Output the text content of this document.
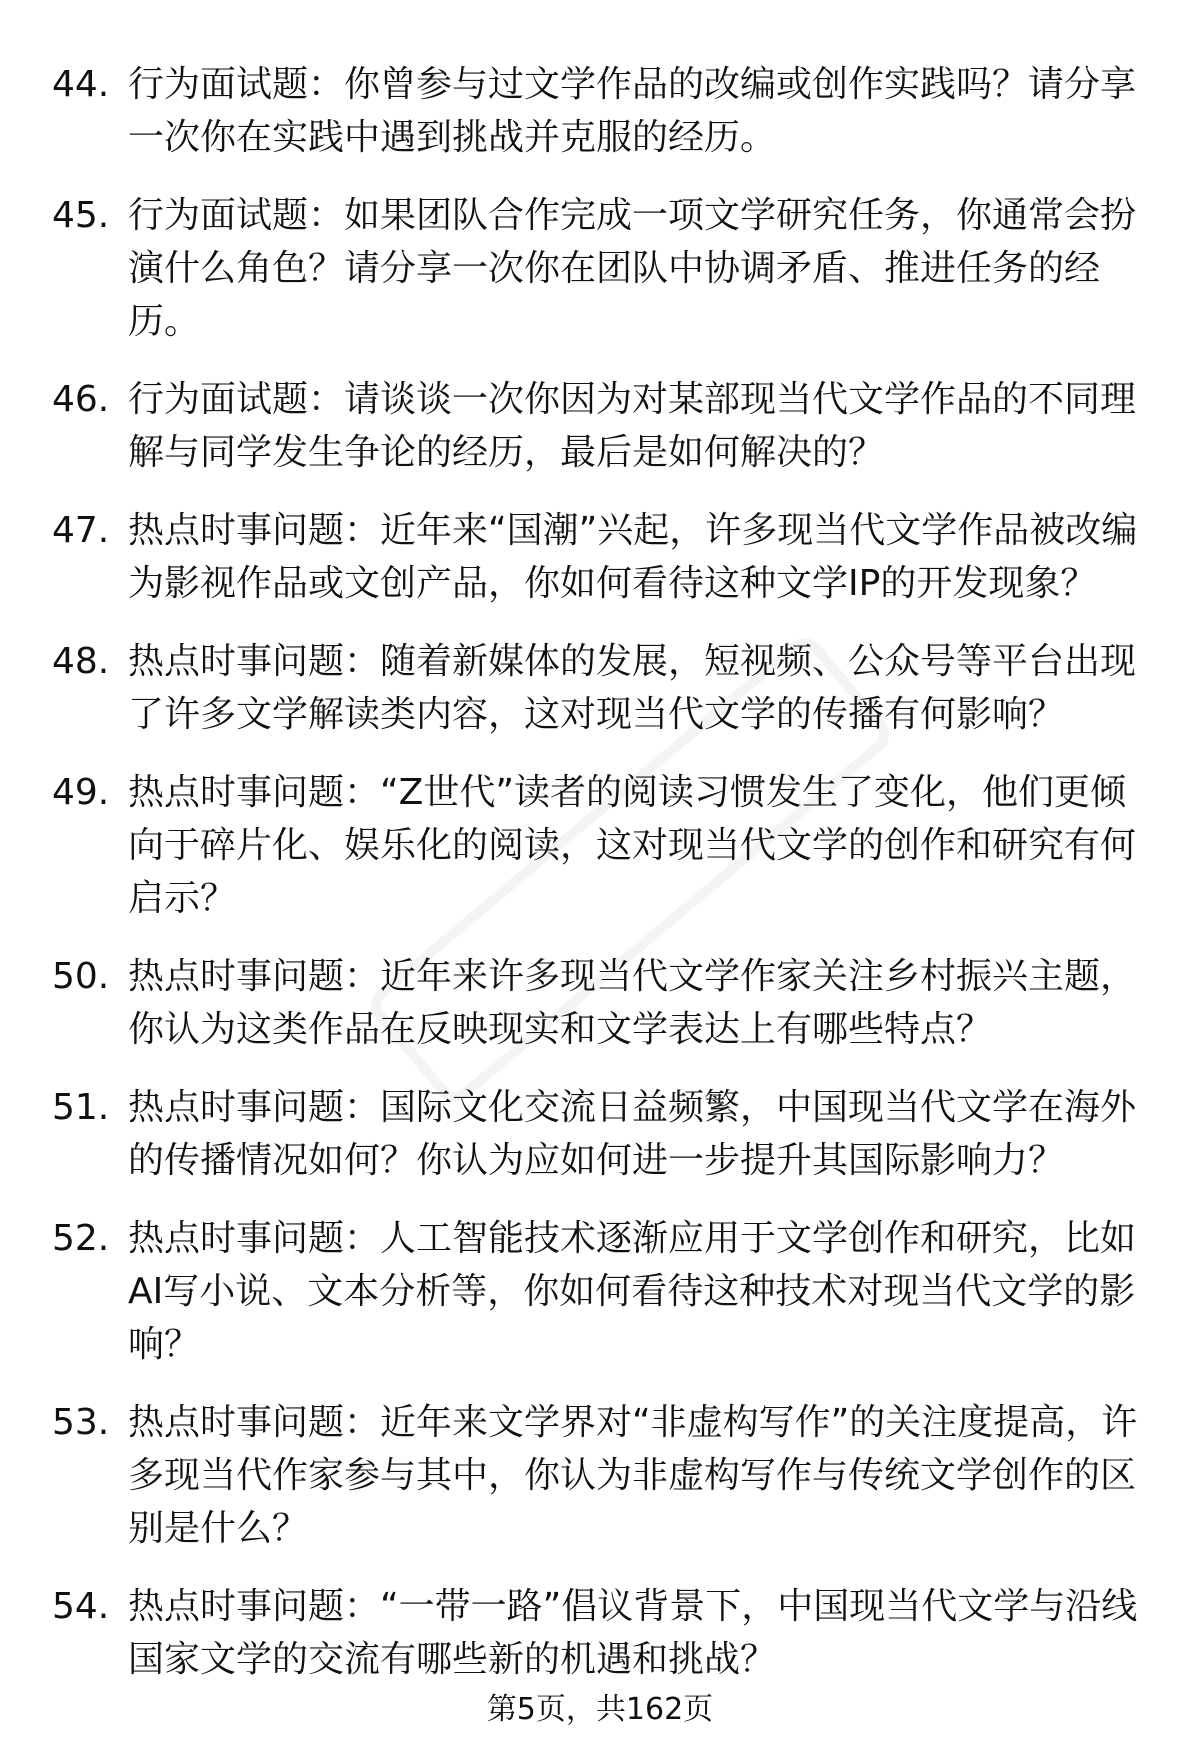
44. 行为面试题：你曾参与过文学作品的改编或创作实践吗？请分享一次你在实践中遇到挑战并克服的经历。
45. 行为面试题：如果团队合作完成一项文学研究任务，你通常会扮演什么角色？请分享一次你在团队中协调矛盾、推进任务的经历。
46. 行为面试题：请谈谈一次你因为对某部现当代文学作品的不同理解与同学发生争论的经历，最后是如何解决的？
47. 热点时事问题：近年来“国潮”兴起，许多现当代文学作品被改编为影视作品或文创产品，你如何看待这种文学IP的开发现象？
48. 热点时事问题：随着新媒体的发展，短视频、公众号等平台出现了许多文学解读类内容，这对现当代文学的传播有何影响？
49. 热点时事问题：“Z世代”读者的阅读习惯发生了变化，他们更倾向于碎片化、娱乐化的阅读，这对现当代文学的创作和研究有何启示？
50. 热点时事问题：近年来许多现当代文学作家关注乡村振兴主题，你认为这类作品在反映现实和文学表达上有哪些特点？
51. 热点时事问题：国际文化交流日益频繁，中国现当代文学在海外的传播情况如何？你认为应如何进一步提升其国际影响力？
52. 热点时事问题：人工智能技术逐渐应用于文学创作和研究，比如AI写小说、文本分析等，你如何看待这种技术对现当代文学的影响？
53. 热点时事问题：近年来文学界对“非虚构写作”的关注度提高，许多现当代作家参与其中，你认为非虚构写作与传统文学创作的区别是什么？
54. 热点时事问题：“一带一路”倡议背景下，中国现当代文学与沿线国家文学的交流有哪些新的机遇和挑战？
第5页，共162页
